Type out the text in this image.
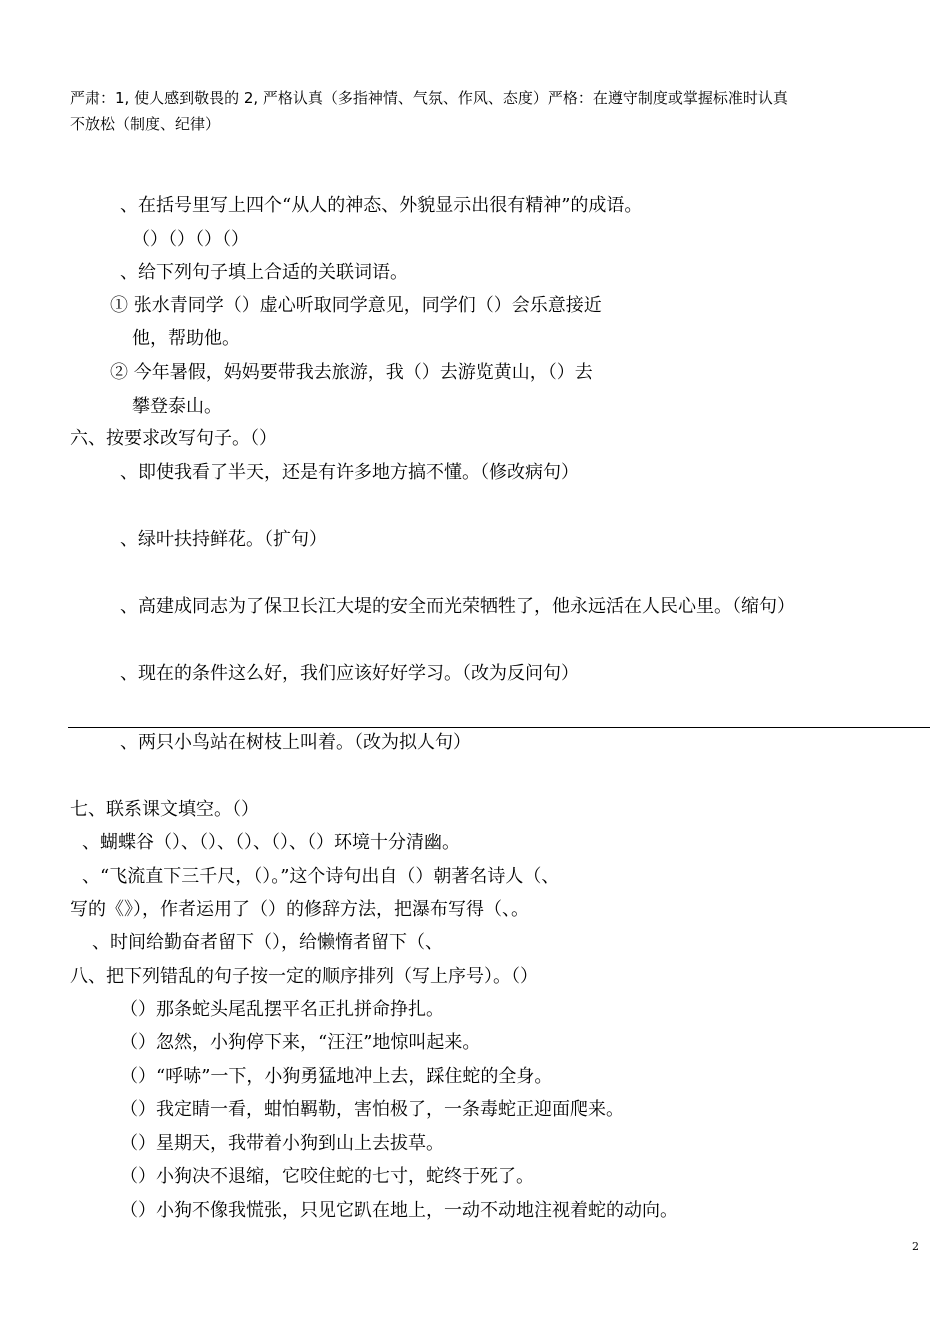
严肃：1, 使人感到敬畏的 2, 严格认真（多指神情、气氛、作风、态度）严格：在遵守制度或掌握标准时认真
不放松（制度、纪律）
、在括号里写上四个“从人的神态、外貌显示出很有精神”的成语。
（）（）（）（）
、给下列句子填上合适的关联词语。
① 张水青同学（）虚心听取同学意见，同学们（）会乐意接近
他，帮助他。
② 今年暑假，妈妈要带我去旅游，我（）去游览黄山，（）去
攀登泰山。
六、按要求改写句子。（）
、即使我看了半天，还是有许多地方搞不懂。（修改病句）
、绿叶扶持鲜花。（扩句）
、高建成同志为了保卫长江大堤的安全而光荣牺牲了，他永远活在人民心里。（缩句）
、现在的条件这么好，我们应该好好学习。（改为反问句）
、两只小鸟站在树枝上叫着。（改为拟人句）
七、联系课文填空。（）
、蝴蝶谷（）、（）、（）、（）、（）环境十分清幽。
、“飞流直下三千尺，（）。”这个诗句出自（）朝著名诗人（、
写的《》），作者运用了（）的修辞方法，把瀑布写得（、。
、时间给勤奋者留下（），给懒惰者留下（、
八、把下列错乱的句子按一定的顺序排列（写上序号）。（）
（）那条蛇头尾乱摆平名正扎拼命挣扎。
（）忽然，小狗停下来，“汪汪”地惊叫起来。
（）“呼哧”一下，小狗勇猛地冲上去，踩住蛇的全身。
（）我定睛一看，蚶怕羁勒，害怕极了，一条毒蛇正迎面爬来。
（）星期天，我带着小狗到山上去拔草。
（）小狗决不退缩，它咬住蛇的七寸，蛇终于死了。
（）小狗不像我慌张，只见它趴在地上，一动不动地注视着蛇的动向。
2
